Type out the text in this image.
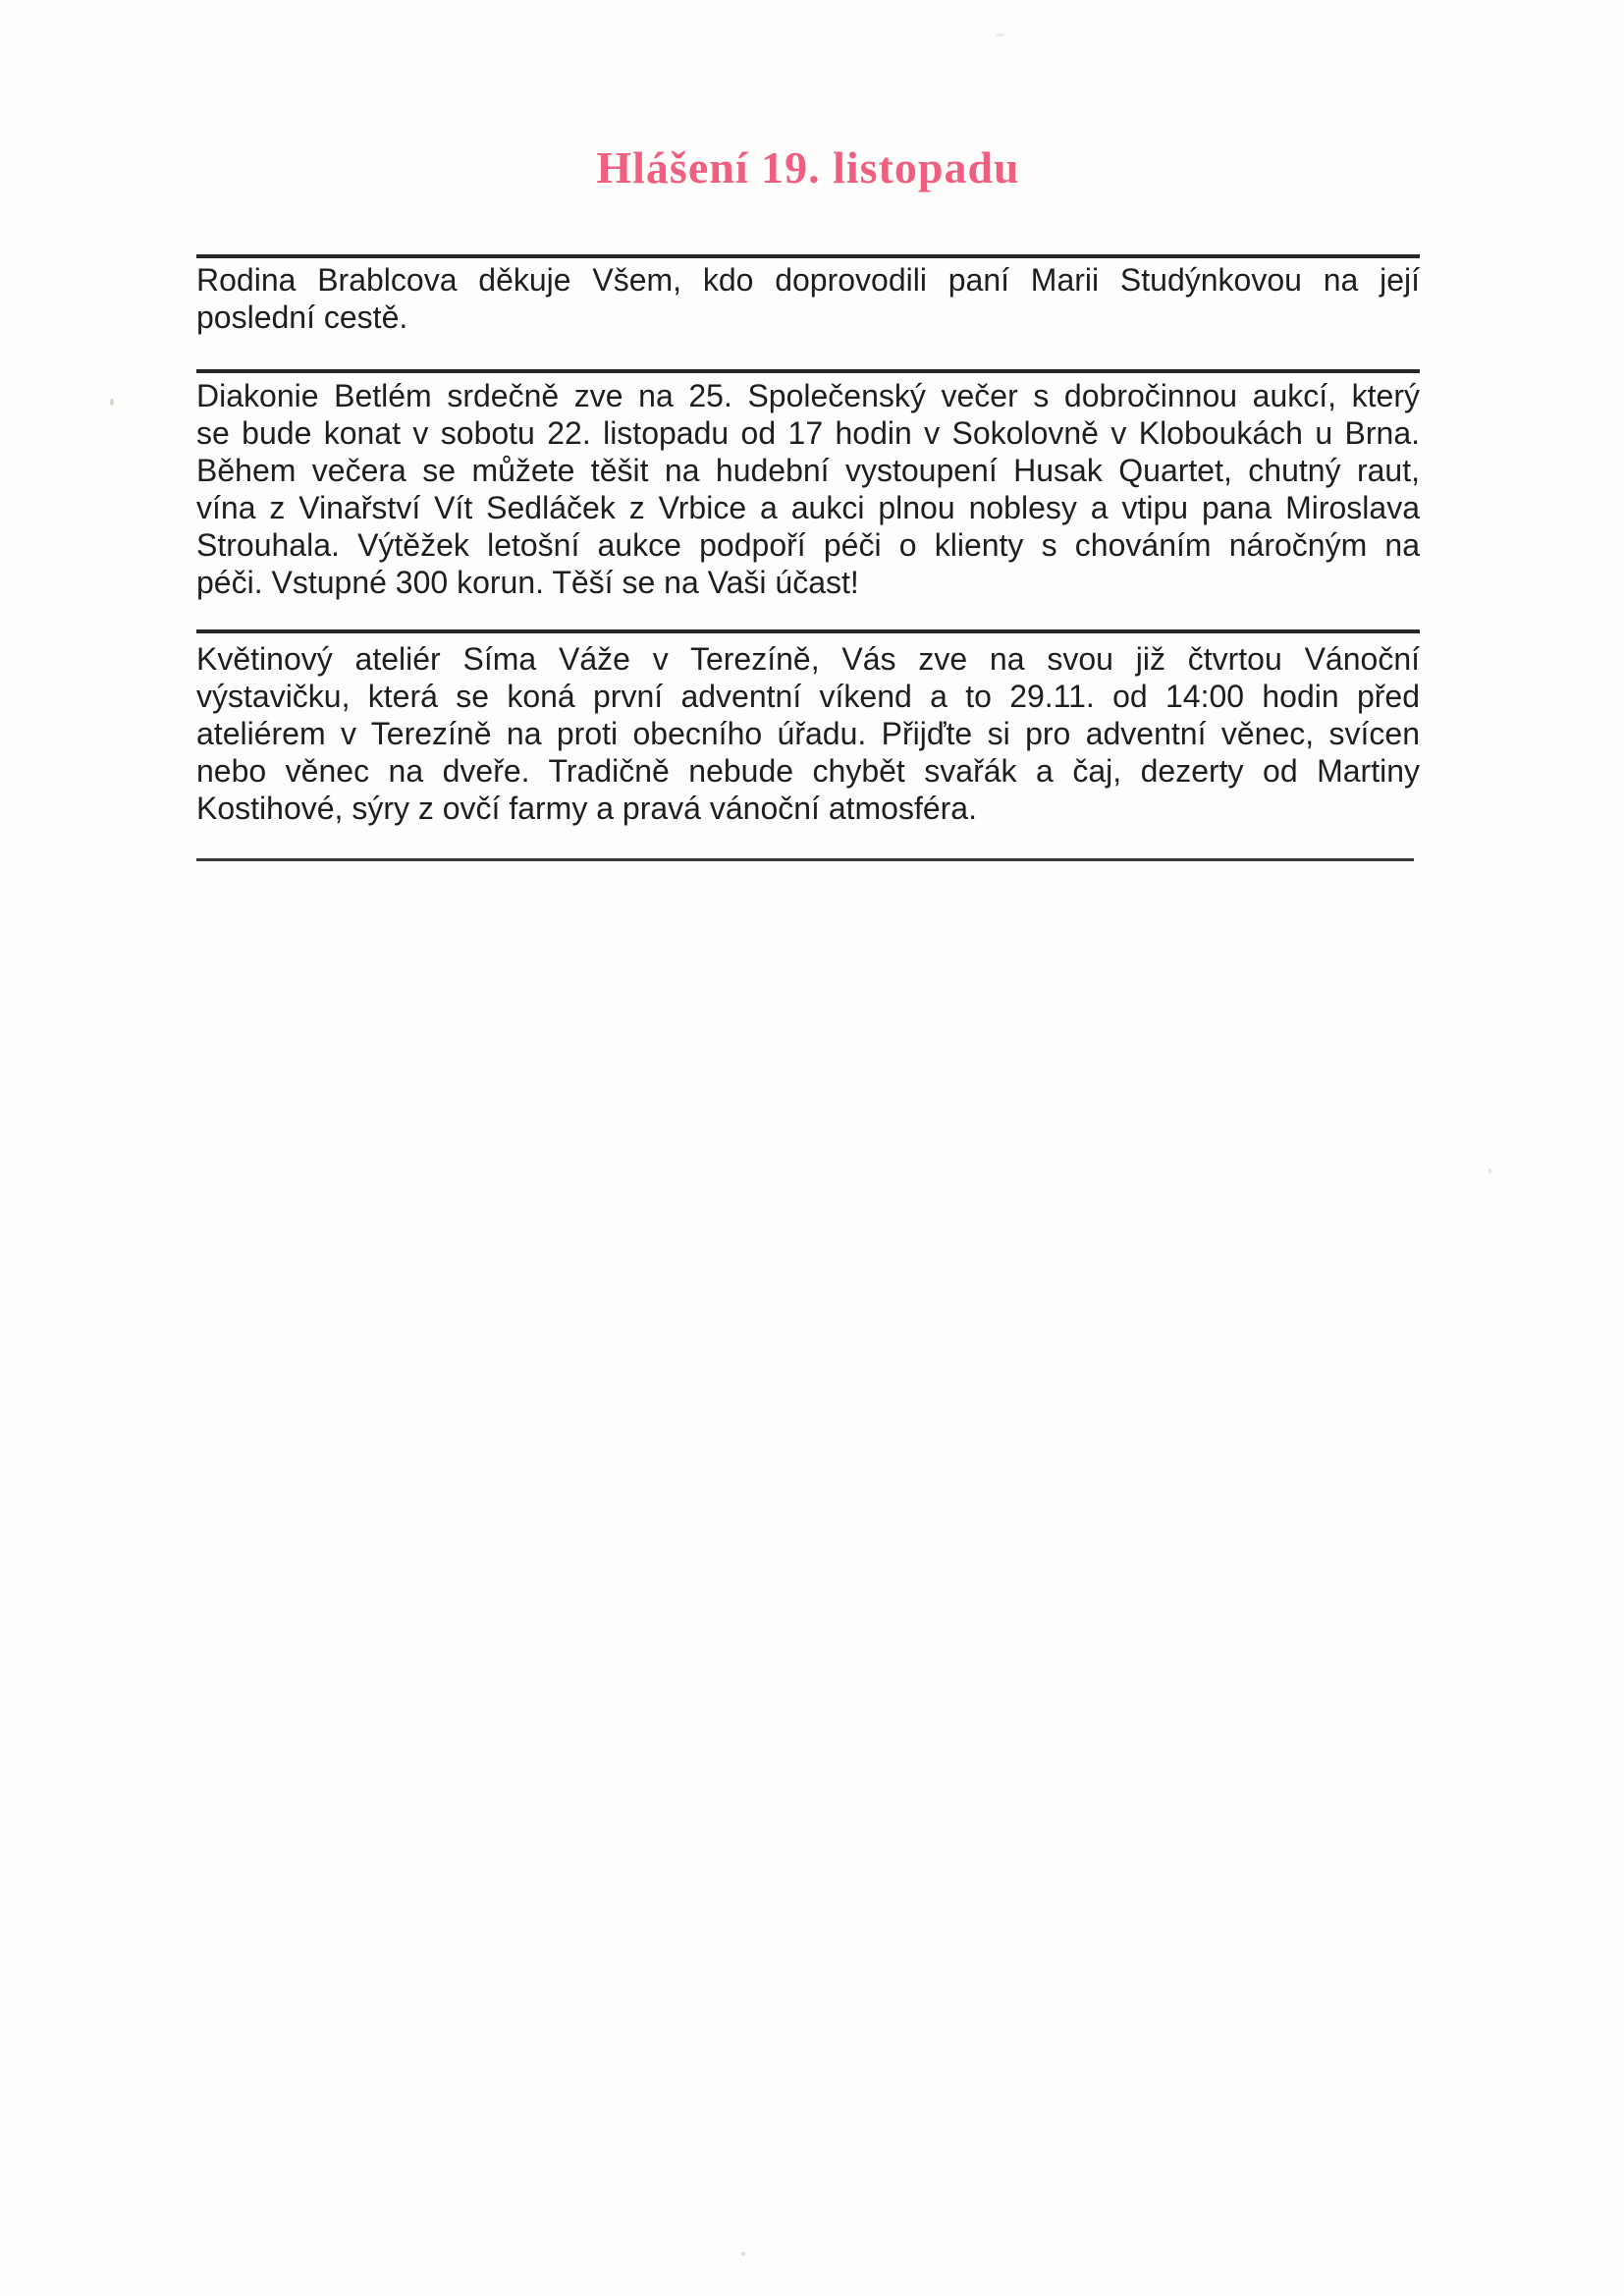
Hlášení 19. listopadu
Rodina Brablcova děkuje Všem, kdo doprovodili paní Marii Studýnkovou na její
poslední cestě.
Diakonie Betlém srdečně zve na 25. Společenský večer s dobročinnou aukcí, který
se bude konat v sobotu 22. listopadu od 17 hodin v Sokolovně v Kloboukách u Brna.
Během večera se můžete těšit na hudební vystoupení Husak Quartet, chutný raut,
vína z Vinařství Vít Sedláček z Vrbice a aukci plnou noblesy a vtipu pana Miroslava
Strouhala. Výtěžek letošní aukce podpoří péči o klienty s chováním náročným na
péči. Vstupné 300 korun. Těší se na Vaši účast!
Květinový ateliér Síma Váže v Terezíně, Vás zve na svou již čtvrtou Vánoční
výstavičku, která se koná první adventní víkend a to 29.11. od 14:00 hodin před
ateliérem v Terezíně na proti obecního úřadu. Přijďte si pro adventní věnec, svícen
nebo věnec na dveře. Tradičně nebude chybět svařák a čaj, dezerty od Martiny
Kostihové, sýry z ovčí farmy a pravá vánoční atmosféra.
